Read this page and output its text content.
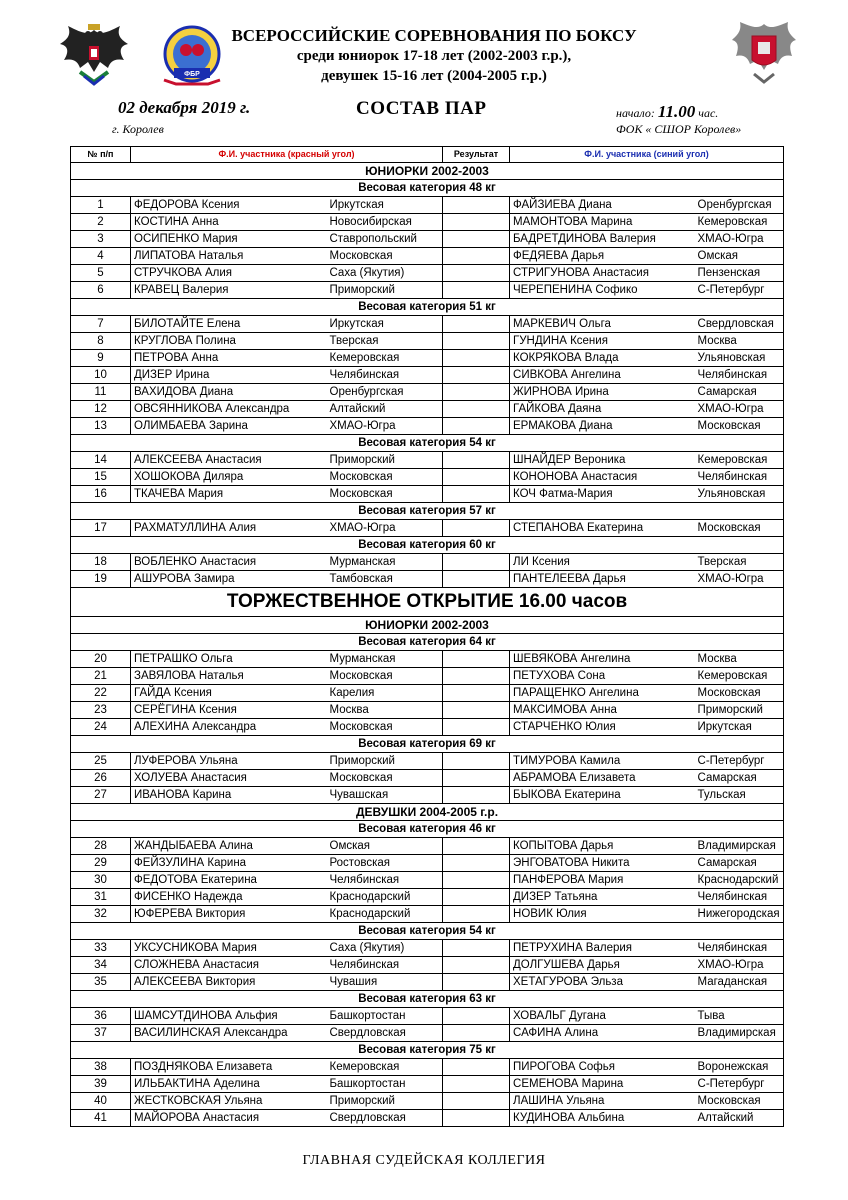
ФБР
ВСЕРОССИЙСКИЕ СОРЕВНОВАНИЯ ПО БОКСУ
среди юниорок 17-18 лет (2002-2003 г.р.),
девушек 15-16 лет (2004-2005 г.р.)
02 декабря 2019 г.
г. Королев
СОСТАВ ПАР	начало: 11.00 час.
ФОК « СШОР Королев»
№ п/п	Ф.И. участника (красный угол)		Результат	Ф.И. участника (синий угол)	
ЮНИОРКИ 2002-2003					
Весовая категория 48 кг					
1	ФЕДОРОВА Ксения	Иркутская		ФАЙЗИЕВА Диана	Оренбургская
2	КОСТИНА Анна	Новосибирская		МАМОНТОВА Марина	Кемеровская
3	ОСИПЕНКО Мария	Ставропольский		БАДРЕТДИНОВА Валерия	ХМАО-Югра
4	ЛИПАТОВА Наталья	Московская		ФЕДЯЕВА Дарья	Омская
5	СТРУЧКОВА Алия	Саха (Якутия)		СТРИГУНОВА Анастасия	Пензенская
6	КРАВЕЦ Валерия	Приморский		ЧЕРЕПЕНИНА Софико	С-Петербург
Весовая категория 51 кг					
7	БИЛОТАЙТЕ Елена	Иркутская		МАРКЕВИЧ Ольга	Свердловская
8	КРУГЛОВА Полина	Тверская		ГУНДИНА Ксения	Москва
9	ПЕТРОВА Анна	Кемеровская		КОКРЯКОВА Влада	Ульяновская
10	ДИЗЕР Ирина	Челябинская		СИВКОВА Ангелина	Челябинская
11	ВАХИДОВА Диана	Оренбургская		ЖИРНОВА Ирина	Самарская
12	ОВСЯННИКОВА Александра	Алтайский		ГАЙКОВА Даяна	ХМАО-Югра
13	ОЛИМБАЕВА Зарина	ХМАО-Югра		ЕРМАКОВА Диана	Московская
Весовая категория 54 кг					
14	АЛЕКСЕЕВА Анастасия	Приморский		ШНАЙДЕР Вероника	Кемеровская
15	ХОШОКОВА Диляра	Московская		КОНОНОВА Анастасия	Челябинская
16	ТКАЧЕВА Мария	Московская		КОЧ Фатма-Мария	Ульяновская
Весовая категория 57 кг					
17	РАХМАТУЛЛИНА Алия	ХМАО-Югра		СТЕПАНОВА Екатерина	Московская
Весовая категория 60 кг					
18	ВОБЛЕНКО Анастасия	Мурманская		ЛИ Ксения	Тверская
19	АШУРОВА Замира	Тамбовская		ПАНТЕЛЕЕВА Дарья	ХМАО-Югра
ТОРЖЕСТВЕННОЕ ОТКРЫТИЕ 16.00 часов					
ЮНИОРКИ 2002-2003					
Весовая категория 64 кг					
20	ПЕТРАШКО Ольга	Мурманская		ШЕВЯКОВА Ангелина	Москва
21	ЗАВЯЛОВА Наталья	Московская		ПЕТУХОВА Сона	Кемеровская
22	ГАЙДА Ксения	Карелия		ПАРАЩЕНКО Ангелина	Московская
23	СЕРЁГИНА Ксения	Москва		МАКСИМОВА Анна	Приморский
24	АЛЕХИНА Александра	Московская		СТАРЧЕНКО Юлия	Иркутская
Весовая категория 69 кг					
25	ЛУФЕРОВА Ульяна	Приморский		ТИМУРОВА Камила	С-Петербург
26	ХОЛУЕВА Анастасия	Московская		АБРАМОВА Елизавета	Самарская
27	ИВАНОВА Карина	Чувашская		БЫКОВА Екатерина	Тульская
ДЕВУШКИ 2004-2005 г.р.					
Весовая категория 46 кг					
28	ЖАНДЫБАЕВА Алина	Омская		КОПЫТОВА Дарья	Владимирская
29	ФЕЙЗУЛИНА Карина	Ростовская		ЭНГОВАТОВА Никита	Самарская
30	ФЕДОТОВА Екатерина	Челябинская		ПАНФЕРОВА Мария	Краснодарский
31	ФИСЕНКО Надежда	Краснодарский		ДИЗЕР Татьяна	Челябинская
32	ЮФЕРЕВА Виктория	Краснодарский		НОВИК Юлия	Нижегородская
Весовая категория 54 кг					
33	УКСУСНИКОВА Мария	Саха (Якутия)		ПЕТРУХИНА Валерия	Челябинская
34	СЛОЖНЕВА Анастасия	Челябинская		ДОЛГУШЕВА Дарья	ХМАО-Югра
35	АЛЕКСЕЕВА Виктория	Чувашия		ХЕТАГУРОВА Эльза	Магаданская
Весовая категория 63 кг					
36	ШАМСУТДИНОВА Альфия	Башкортостан		ХОВАЛЬГ Дугана	Тыва
37	ВАСИЛИНСКАЯ Александра	Свердловская		САФИНА Алина	Владимирская
Весовая категория 75 кг					
38	ПОЗДНЯКОВА Елизавета	Кемеровская		ПИРОГОВА Софья	Воронежская
39	ИЛЬБАКТИНА Аделина	Башкортостан		СЕМЕНОВА Марина	С-Петербург
40	ЖЕСТКОВСКАЯ Ульяна	Приморский		ЛАШИНА Ульяна	Московская
41	МАЙОРОВА Анастасия	Свердловская		КУДИНОВА Альбина	Алтайский
ГЛАВНАЯ СУДЕЙСКАЯ КОЛЛЕГИЯ
